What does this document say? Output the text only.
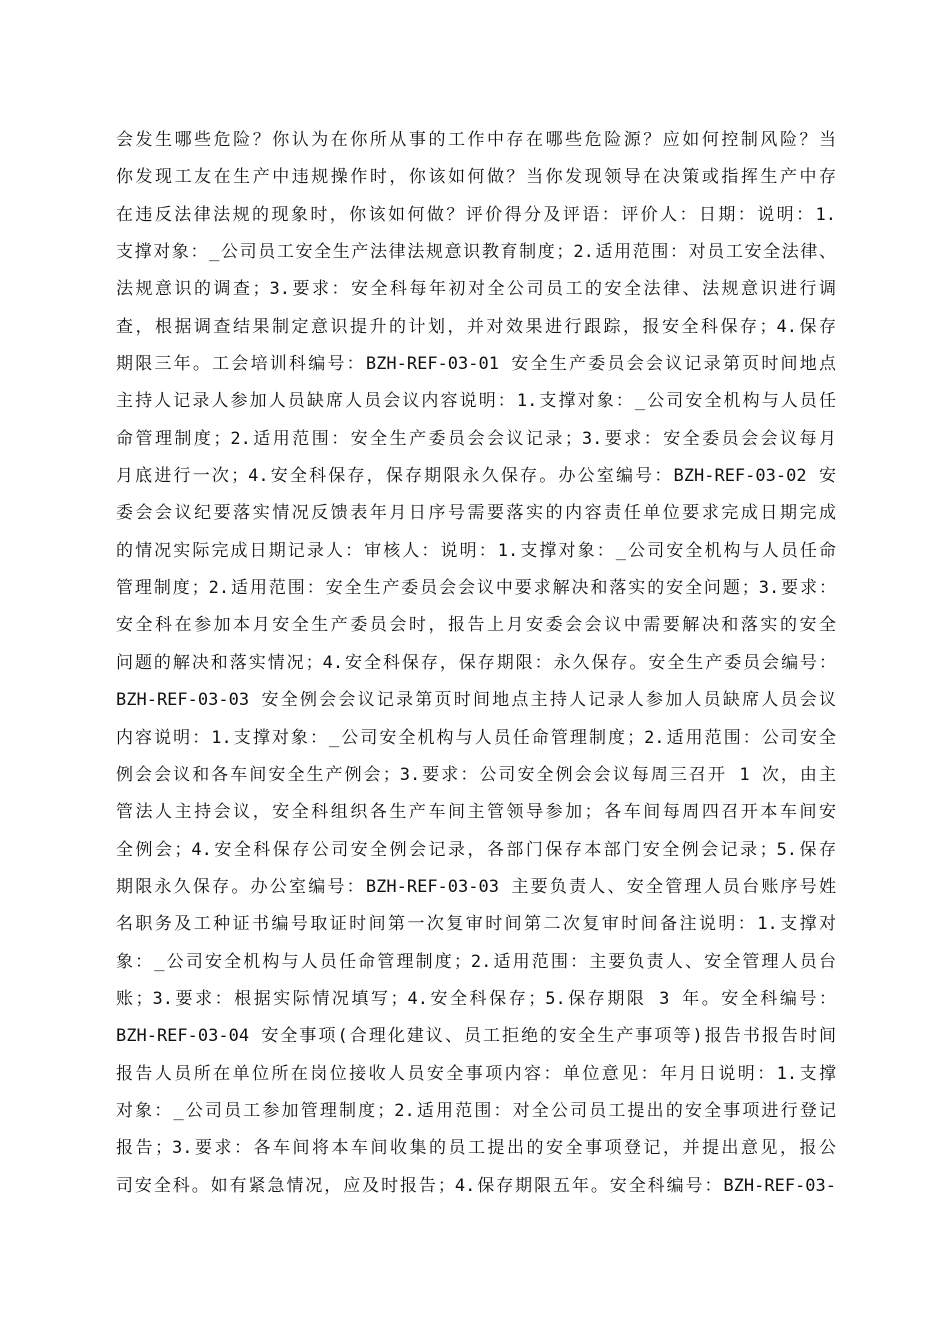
会发生哪些危险？你认为在你所从事的工作中存在哪些危险源？应如何控制风险？当
你发现工友在生产中违规操作时，你该如何做？当你发现领导在决策或指挥生产中存
在违反法律法规的现象时，你该如何做？评价得分及评语：评价人：日期：说明：1.
支撑对象：_公司员工安全生产法律法规意识教育制度；2.适用范围：对员工安全法律、
法规意识的调查；3.要求：安全科每年初对全公司员工的安全法律、法规意识进行调
查，根据调查结果制定意识提升的计划，并对效果进行跟踪，报安全科保存；4.保存
期限三年。工会培训科编号：BZH-REF-03-01 安全生产委员会会议记录第页时间地点
主持人记录人参加人员缺席人员会议内容说明：1.支撑对象：_公司安全机构与人员任
命管理制度；2.适用范围：安全生产委员会会议记录；3.要求：安全委员会会议每月
月底进行一次；4.安全科保存，保存期限永久保存。办公室编号：BZH-REF-03-02 安
委会会议纪要落实情况反馈表年月日序号需要落实的内容责任单位要求完成日期完成
的情况实际完成日期记录人：审核人：说明：1.支撑对象：_公司安全机构与人员任命
管理制度；2.适用范围：安全生产委员会会议中要求解决和落实的安全问题；3.要求：
安全科在参加本月安全生产委员会时，报告上月安委会会议中需要解决和落实的安全
问题的解决和落实情况；4.安全科保存，保存期限：永久保存。安全生产委员会编号：
BZH-REF-03-03 安全例会会议记录第页时间地点主持人记录人参加人员缺席人员会议
内容说明：1.支撑对象：_公司安全机构与人员任命管理制度；2.适用范围：公司安全
例会会议和各车间安全生产例会；3.要求：公司安全例会会议每周三召开 1 次，由主
管法人主持会议，安全科组织各生产车间主管领导参加；各车间每周四召开本车间安
全例会；4.安全科保存公司安全例会记录，各部门保存本部门安全例会记录；5.保存
期限永久保存。办公室编号：BZH-REF-03-03 主要负责人、安全管理人员台账序号姓
名职务及工种证书编号取证时间第一次复审时间第二次复审时间备注说明：1.支撑对
象：_公司安全机构与人员任命管理制度；2.适用范围：主要负责人、安全管理人员台
账；3.要求：根据实际情况填写；4.安全科保存；5.保存期限 3 年。安全科编号：
BZH-REF-03-04 安全事项(合理化建议、员工拒绝的安全生产事项等)报告书报告时间
报告人员所在单位所在岗位接收人员安全事项内容：单位意见：年月日说明：1.支撑
对象：_公司员工参加管理制度；2.适用范围：对全公司员工提出的安全事项进行登记
报告；3.要求：各车间将本车间收集的员工提出的安全事项登记，并提出意见，报公
司安全科。如有紧急情况，应及时报告；4.保存期限五年。安全科编号：BZH-REF-03-
